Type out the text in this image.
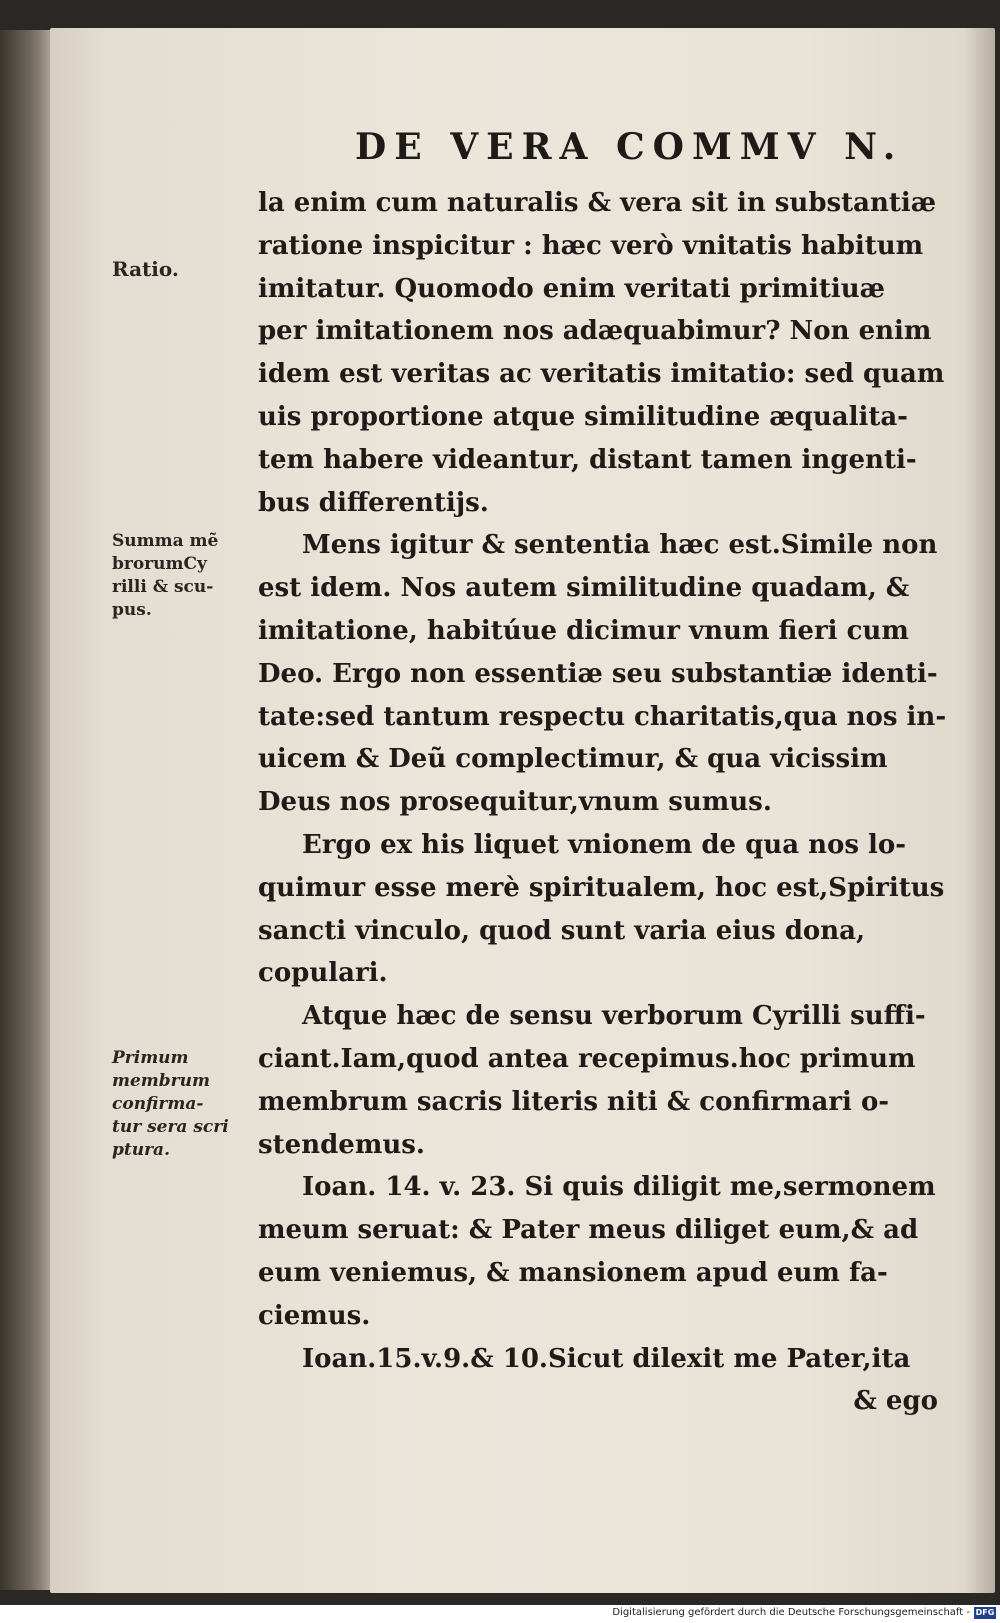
DE VERA COMMV N.
Ratio.
Summa mẽ
brorumCy
rilli & scu-
pus.
Primum
membrum
confirma-
tur sera scri
ptura.
la enim cum naturalis & vera sit in substantiæ
ratione inspicitur : hæc verò vnitatis habitum
imitatur. Quomodo enim veritati primitiuæ
per imitationem nos adæquabimur? Non enim
idem est veritas ac veritatis imitatio: sed quam
uis proportione atque similitudine æqualita-
tem habere videantur, distant tamen ingenti-
bus differentijs.
Mens igitur & sententia hæc est.Simile non
est idem. Nos autem similitudine quadam, &
imitatione, habitúue dicimur vnum fieri cum
Deo. Ergo non essentiæ seu substantiæ identi-
tate:sed tantum respectu charitatis,qua nos in-
uicem & Deũ complectimur, & qua vicissim
Deus nos prosequitur,vnum sumus.
Ergo ex his liquet vnionem de qua nos lo-
quimur esse merè spiritualem, hoc est,Spiritus
sancti vinculo, quod sunt varia eius dona,
copulari.
Atque hæc de sensu verborum Cyrilli suffi-
ciant.Iam,quod antea recepimus.hoc primum
membrum sacris literis niti & confirmari o-
stendemus.
Ioan. 14. v. 23. Si quis diligit me,sermonem
meum seruat: & Pater meus diliget eum,& ad
eum veniemus, & mansionem apud eum fa-
ciemus.
Ioan.15.v.9.& 10.Sicut dilexit me Pater,ita
& ego
Digitalisierung gefördert durch die Deutsche Forschungsgemeinschaft - DFG
